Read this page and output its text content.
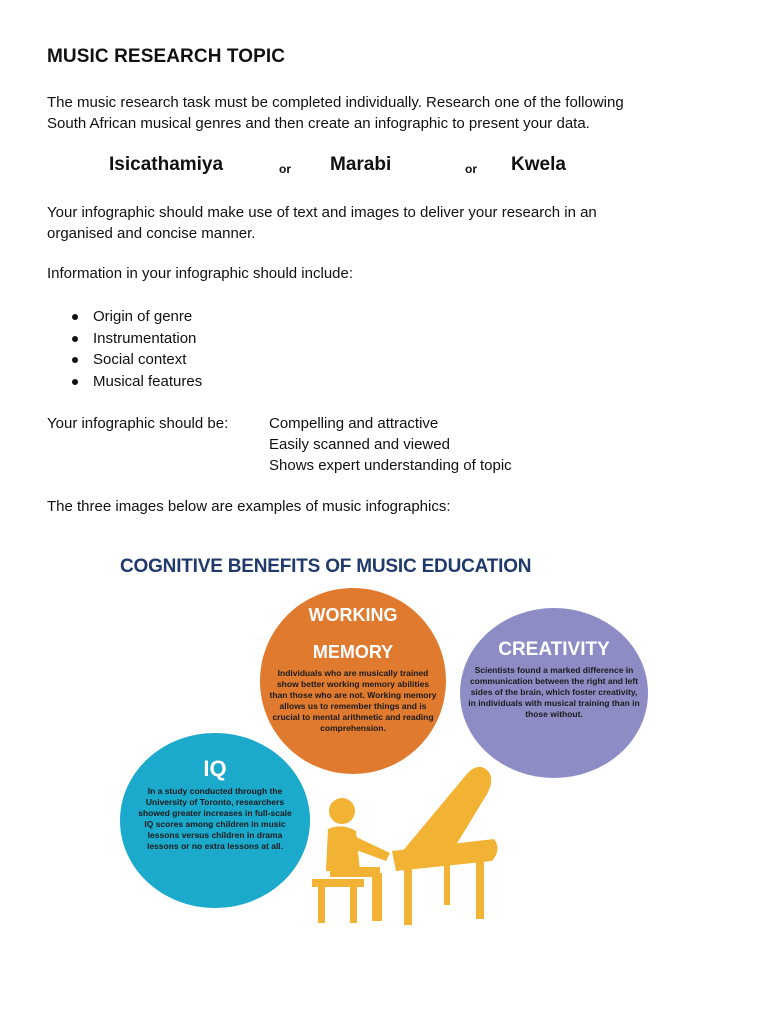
MUSIC RESEARCH TOPIC

The music research task must be completed individually. Research one of the following
South African musical genres and then create an infographic to present your data.

Isicathamiya	or Marabi	or Kwela

Your infographic should make use of text and images to deliver your research in an
organised and concise manner.

Information in your infographic should include:

Origin of genre
Instrumentation
Social context
Musical features
Your infographic should be:	Compelling and attractive
Easily scanned and viewed
Shows expert understanding of topic

The three images below are examples of music infographics:

COGNITIVE BENEFITS OF MUSIC EDUCATION
WORKING
MEMORY
Individuals who are musically trained show better working memory abilities than those who are not. Working memory allows us to remember things and is crucial to mental arithmetic and reading comprehension.
CREATIVITY
Scientists found a marked difference in communication between the right and left sides of the brain, which foster creativity, in individuals with musical training than in those without.
IQ
In a study conducted through the University of Toronto, researchers showed greater increases in full-scale IQ scores among children in music lessons versus children in drama lessons or no extra lessons at all.
